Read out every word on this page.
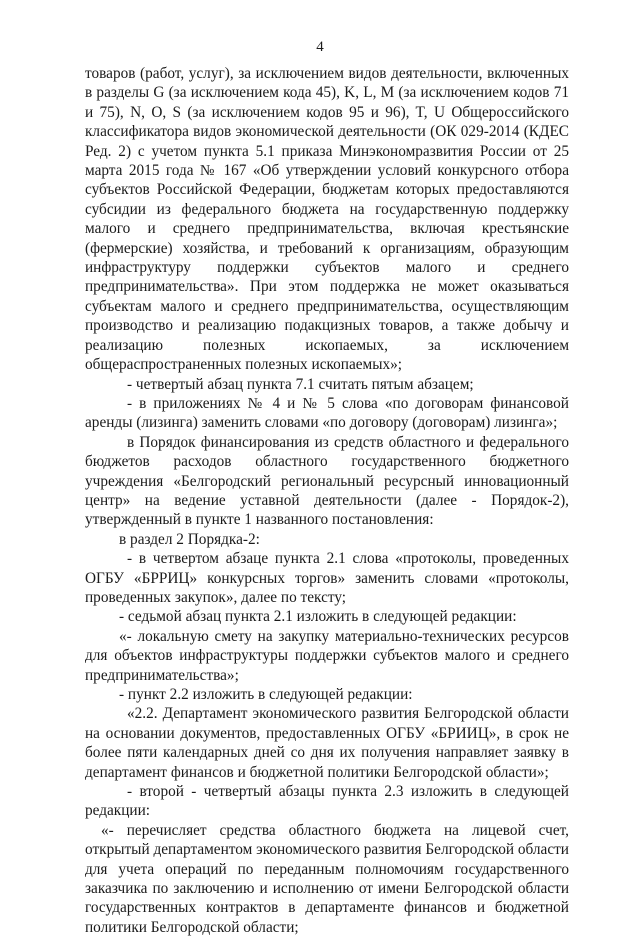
4

товаров (работ, услуг), за исключением видов деятельности, включенных в разделы G (за исключением кода 45), K, L, M (за исключением кодов 71 и 75), N, O, S (за исключением кодов 95 и 96), T, U Общероссийского классификатора видов экономической деятельности (ОК 029-2014 (КДЕС Ред. 2) с учетом пункта 5.1 приказа Минэкономразвития России от 25 марта 2015 года № 167 «Об утверждении условий конкурсного отбора субъектов Российской Федерации, бюджетам которых предоставляются субсидии из федерального бюджета на государственную поддержку малого и среднего предпринимательства, включая крестьянские (фермерские) хозяйства, и требований к организациям, образующим инфраструктуру поддержки субъектов малого и среднего предпринимательства». При этом поддержка не может оказываться субъектам малого и среднего предпринимательства, осуществляющим производство и реализацию подакцизных товаров, а также добычу и реализацию полезных ископаемых, за исключением общераспространенных полезных ископаемых»;

- четвертый абзац пункта 7.1 считать пятым абзацем;

- в приложениях № 4 и № 5 слова «по договорам финансовой аренды (лизинга) заменить словами «по договору (договорам) лизинга»;

в Порядок финансирования из средств областного и федерального бюджетов расходов областного государственного бюджетного учреждения «Белгородский региональный ресурсный инновационный центр» на ведение уставной деятельности (далее - Порядок-2), утвержденный в пункте 1 названного постановления:

в раздел 2 Порядка-2:

- в четвертом абзаце пункта 2.1 слова «протоколы, проведенных ОГБУ «БРРИЦ» конкурсных торгов» заменить словами «протоколы, проведенных закупок», далее по тексту;

- седьмой абзац пункта 2.1 изложить в следующей редакции:

«- локальную смету на закупку материально-технических ресурсов для объектов инфраструктуры поддержки субъектов малого и среднего предпринимательства»;

- пункт 2.2 изложить в следующей редакции:

«2.2. Департамент экономического развития Белгородской области на основании документов, предоставленных ОГБУ «БРИИЦ», в срок не более пяти календарных дней со дня их получения направляет заявку в департамент финансов и бюджетной политики Белгородской области»;

- второй - четвертый абзацы пункта 2.3 изложить в следующей редакции:

«- перечисляет средства областного бюджета на лицевой счет, открытый департаментом экономического развития Белгородской области для учета операций по переданным полномочиям государственного заказчика по заключению и исполнению от имени Белгородской области государственных контрактов в департаменте финансов и бюджетной политики Белгородской области;
